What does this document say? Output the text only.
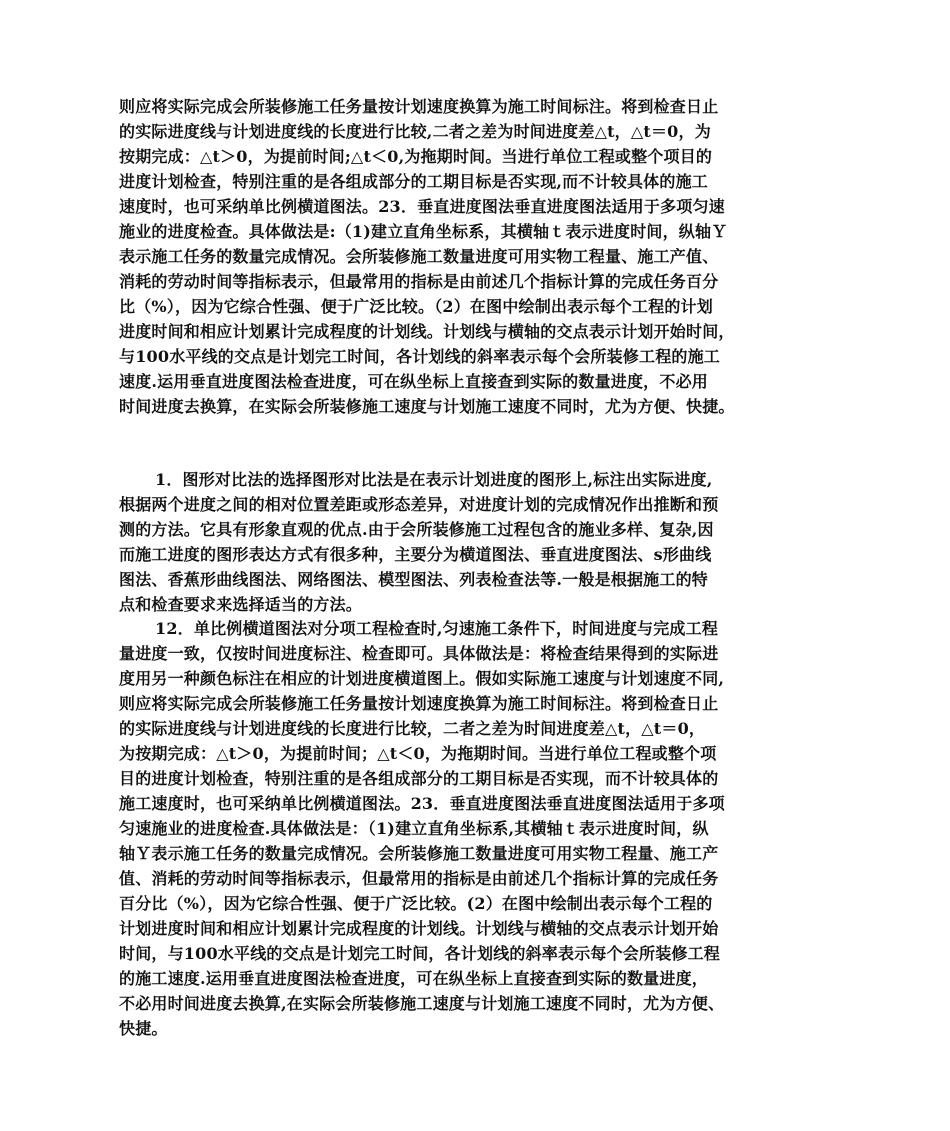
则应将实际完成会所装修施工任务量按计划速度换算为施工时间标注。将到检查日止
的实际进度线与计划进度线的长度进行比较,二者之差为时间进度差△t，△t＝0，为
按期完成：△t＞0，为提前时间;△t＜0,为拖期时间。当进行单位工程或整个项目的
进度计划检查，特别注重的是各组成部分的工期目标是否实现,而不计较具体的施工
速度时，也可采纳单比例横道图法。23．垂直进度图法垂直进度图法适用于多项匀速
施业的进度检查。具体做法是:（1)建立直角坐标系，其横轴ｔ表示进度时间，纵轴Ｙ
表示施工任务的数量完成情况。会所装修施工数量进度可用实物工程量、施工产值、
消耗的劳动时间等指标表示，但最常用的指标是由前述几个指标计算的完成任务百分
比（%），因为它综合性强、便于广泛比较。（2）在图中绘制出表示每个工程的计划
进度时间和相应计划累计完成程度的计划线。计划线与横轴的交点表示计划开始时间，
与100水平线的交点是计划完工时间，各计划线的斜率表示每个会所装修工程的施工
速度.运用垂直进度图法检查进度，可在纵坐标上直接查到实际的数量进度，不必用
时间进度去换算，在实际会所装修施工速度与计划施工速度不同时，尤为方便、快捷。
1．图形对比法的选择图形对比法是在表示计划进度的图形上,标注出实际进度,
根据两个进度之间的相对位置差距或形态差异，对进度计划的完成情况作出推断和预
测的方法。它具有形象直观的优点.由于会所装修施工过程包含的施业多样、复杂,因
而施工进度的图形表达方式有很多种，主要分为横道图法、垂直进度图法、s形曲线
图法、香蕉形曲线图法、网络图法、模型图法、列表检查法等.一般是根据施工的特
点和检查要求来选择适当的方法。
12．单比例横道图法对分项工程检查时,匀速施工条件下，时间进度与完成工程
量进度一致，仅按时间进度标注、检查即可。具体做法是：将检查结果得到的实际进
度用另一种颜色标注在相应的计划进度横道图上。假如实际施工速度与计划速度不同,
则应将实际完成会所装修施工任务量按计划速度换算为施工时间标注。将到检查日止
的实际进度线与计划进度线的长度进行比较，二者之差为时间进度差△t，△t＝0，
为按期完成：△t＞0，为提前时间；△t＜0，为拖期时间。当进行单位工程或整个项
目的进度计划检查，特别注重的是各组成部分的工期目标是否实现，而不计较具体的
施工速度时，也可采纳单比例横道图法。23．垂直进度图法垂直进度图法适用于多项
匀速施业的进度检查.具体做法是：（1)建立直角坐标系,其横轴ｔ表示进度时间，纵
轴Ｙ表示施工任务的数量完成情况。会所装修施工数量进度可用实物工程量、施工产
值、消耗的劳动时间等指标表示，但最常用的指标是由前述几个指标计算的完成任务
百分比（%），因为它综合性强、便于广泛比较。(2）在图中绘制出表示每个工程的
计划进度时间和相应计划累计完成程度的计划线。计划线与横轴的交点表示计划开始
时间，与100水平线的交点是计划完工时间，各计划线的斜率表示每个会所装修工程
的施工速度.运用垂直进度图法检查进度，可在纵坐标上直接查到实际的数量进度，
不必用时间进度去换算,在实际会所装修施工速度与计划施工速度不同时，尤为方便、
快捷。
